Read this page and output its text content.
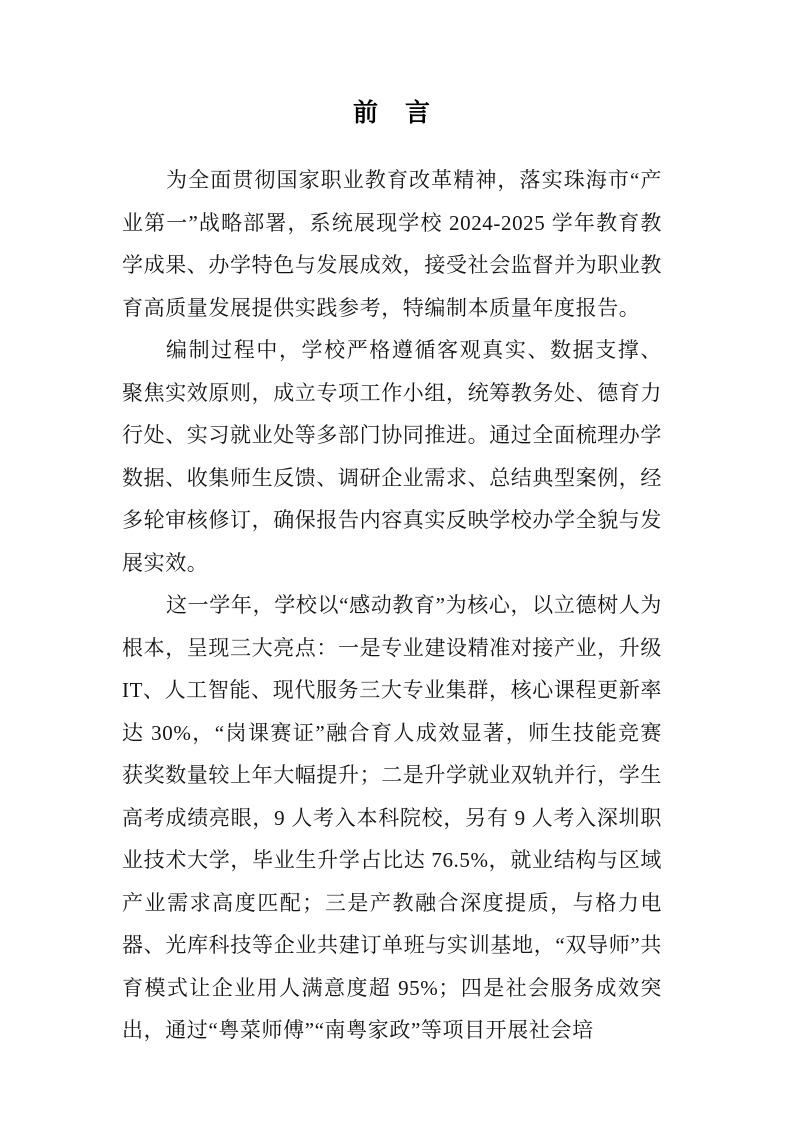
前　言

为全面贯彻国家职业教育改革精神，落实珠海市“产业第一”战略部署，系统展现学校 2024-2025 学年教育教学成果、办学特色与发展成效，接受社会监督并为职业教育高质量发展提供实践参考，特编制本质量年度报告。

编制过程中，学校严格遵循客观真实、数据支撑、聚焦实效原则，成立专项工作小组，统筹教务处、德育力行处、实习就业处等多部门协同推进。通过全面梳理办学数据、收集师生反馈、调研企业需求、总结典型案例，经多轮审核修订，确保报告内容真实反映学校办学全貌与发展实效。

这一学年，学校以“感动教育”为核心，以立德树人为根本，呈现三大亮点：一是专业建设精准对接产业，升级 IT、人工智能、现代服务三大专业集群，核心课程更新率达 30%，“岗课赛证”融合育人成效显著，师生技能竞赛获奖数量较上年大幅提升；二是升学就业双轨并行，学生高考成绩亮眼，9 人考入本科院校，另有 9 人考入深圳职业技术大学，毕业生升学占比达 76.5%，就业结构与区域产业需求高度匹配；三是产教融合深度提质，与格力电器、光库科技等企业共建订单班与实训基地，“双导师”共育模式让企业用人满意度超 95%；四是社会服务成效突出，通过“粤菜师傅”“南粤家政”等项目开展社会培
